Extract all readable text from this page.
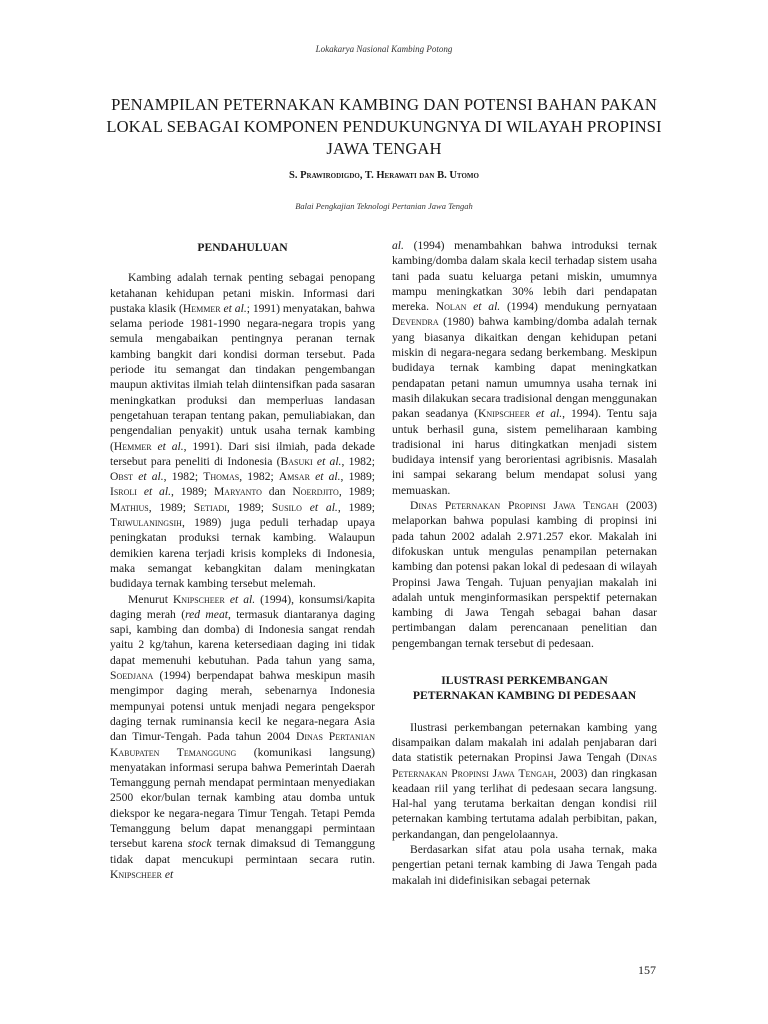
Lokakarya Nasional Kambing Potong
PENAMPILAN PETERNAKAN KAMBING DAN POTENSI BAHAN PAKAN LOKAL SEBAGAI KOMPONEN PENDUKUNGNYA DI WILAYAH PROPINSI JAWA TENGAH
S. Prawirodigdo, T. Herawati dan B. Utomo
Balai Pengkajian Teknologi Pertanian Jawa Tengah
PENDAHULUAN

Kambing adalah ternak penting sebagai penopang ketahanan kehidupan petani miskin. Informasi dari pustaka klasik (Hemmer et al.; 1991) menyatakan, bahwa selama periode 1981-1990 negara-negara tropis yang semula mengabaikan pentingnya peranan ternak kambing bangkit dari kondisi dorman tersebut. Pada periode itu semangat dan tindakan pengembangan maupun aktivitas ilmiah telah diintensifkan pada sasaran meningkatkan produksi dan memperluas landasan pengetahuan terapan tentang pakan, pemuliabiakan, dan pengendalian penyakit) untuk usaha ternak kambing (Hemmer et al., 1991). Dari sisi ilmiah, pada dekade tersebut para peneliti di Indonesia (Basuki et al., 1982; Obst et al., 1982; Thomas, 1982; Amsar et al., 1989; Isroli et al., 1989; Maryanto dan Noerdjito, 1989; Mathius, 1989; Setiadi, 1989; Susilo et al., 1989; Triwulaningsih, 1989) juga peduli terhadap upaya peningkatan produksi ternak kambing. Walaupun demikien karena terjadi krisis kompleks di Indonesia, maka semangat kebangkitan dalam meningkatan budidaya ternak kambing tersebut melemah.

Menurut Knipscheer et al. (1994), konsumsi/kapita daging merah (red meat, termasuk diantaranya daging sapi, kambing dan domba) di Indonesia sangat rendah yaitu 2 kg/tahun, karena ketersediaan daging ini tidak dapat memenuhi kebutuhan. Pada tahun yang sama, Soedjana (1994) berpendapat bahwa meskipun masih mengimpor daging merah, sebenarnya Indonesia mempunyai potensi untuk menjadi negara pengekspor daging ternak ruminansia kecil ke negara-negara Asia dan Timur-Tengah. Pada tahun 2004 Dinas Pertanian Kabupaten Temanggung (komunikasi langsung) menyatakan informasi serupa bahwa Pemerintah Daerah Temanggung pernah mendapat permintaan menyediakan 2500 ekor/bulan ternak kambing atau domba untuk diekspor ke negara-negara Timur Tengah. Tetapi Pemda Temanggung belum dapat menanggapi permintaan tersebut karena stock ternak dimaksud di Temanggung tidak dapat mencukupi permintaan secara rutin. Knipscheer et

al. (1994) menambahkan bahwa introduksi ternak kambing/domba dalam skala kecil terhadap sistem usaha tani pada suatu keluarga petani miskin, umumnya mampu meningkatkan 30% lebih dari pendapatan mereka. Nolan et al. (1994) mendukung pernyataan Devendra (1980) bahwa kambing/domba adalah ternak yang biasanya dikaitkan dengan kehidupan petani miskin di negara-negara sedang berkembang. Meskipun budidaya ternak kambing dapat meningkatkan pendapatan petani namun umumnya usaha ternak ini masih dilakukan secara tradisional dengan menggunakan pakan seadanya (Knipscheer et al., 1994). Tentu saja untuk berhasil guna, sistem pemeliharaan kambing tradisional ini harus ditingkatkan menjadi sistem budidaya intensif yang berorientasi agribisnis. Masalah ini sampai sekarang belum mendapat solusi yang memuaskan.

Dinas Peternakan Propinsi Jawa Tengah (2003) melaporkan bahwa populasi kambing di propinsi ini pada tahun 2002 adalah 2.971.257 ekor. Makalah ini difokuskan untuk mengulas penampilan peternakan kambing dan potensi pakan lokal di pedesaan di wilayah Propinsi Jawa Tengah. Tujuan penyajian makalah ini adalah untuk menginformasikan perspektif peternakan kambing di Jawa Tengah sebagai bahan dasar pertimbangan dalam perencanaan penelitian dan pengembangan ternak tersebut di pedesaan.

ILUSTRASI PERKEMBANGAN
PETERNAKAN KAMBING DI PEDESAAN

Ilustrasi perkembangan peternakan kambing yang disampaikan dalam makalah ini adalah penjabaran dari data statistik peternakan Propinsi Jawa Tengah (Dinas Peternakan Propinsi Jawa Tengah, 2003) dan ringkasan keadaan riil yang terlihat di pedesaan secara langsung. Hal-hal yang terutama berkaitan dengan kondisi riil peternakan kambing tertutama adalah perbibitan, pakan, perkandangan, dan pengelolaannya.

Berdasarkan sifat atau pola usaha ternak, maka pengertian petani ternak kambing di Jawa Tengah pada makalah ini didefinisikan sebagai peternak

157
